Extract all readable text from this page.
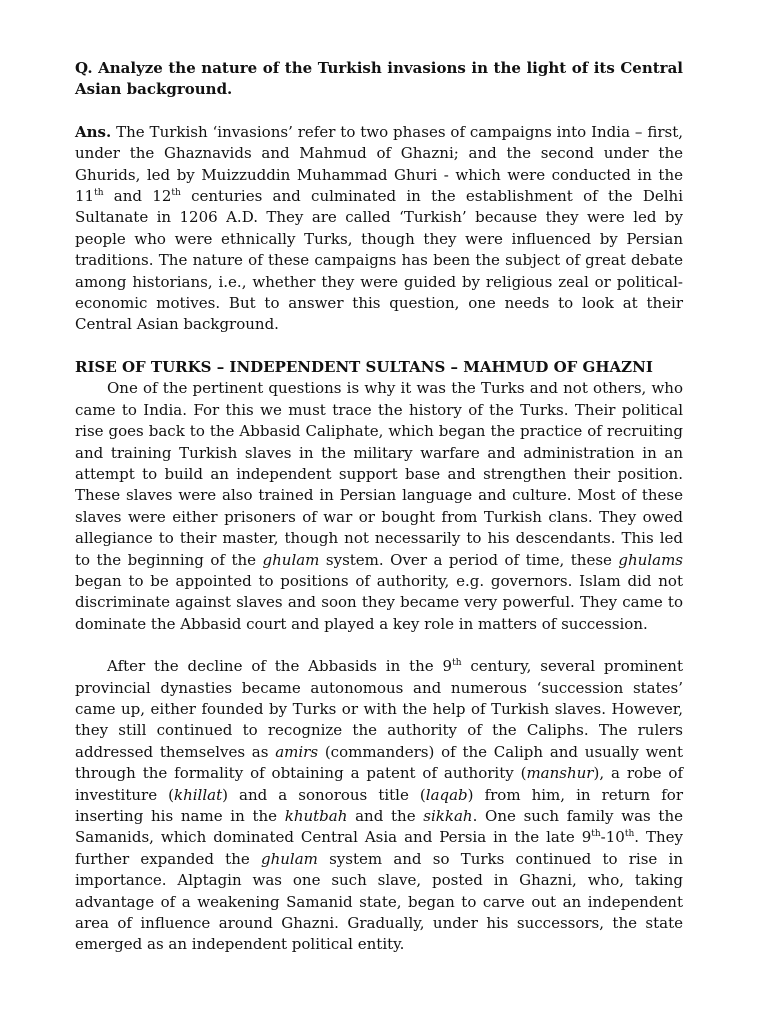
Q. Analyze the nature of the Turkish invasions in the light of its Central Asian background.

Ans. The Turkish ‘invasions’ refer to two phases of campaigns into India – first, under the Ghaznavids and Mahmud of Ghazni; and the second under the Ghurids, led by Muizzuddin Muhammad Ghuri - which were conducted in the 11th and 12th centuries and culminated in the establishment of the Delhi Sultanate in 1206 A.D. They are called ‘Turkish’ because they were led by people who were ethnically Turks, though they were influenced by Persian traditions. The nature of these campaigns has been the subject of great debate among historians, i.e., whether they were guided by religious zeal or political-economic motives. But to answer this question, one needs to look at their Central Asian background.

RISE OF TURKS – INDEPENDENT SULTANS – MAHMUD OF GHAZNI

One of the pertinent questions is why it was the Turks and not others, who came to India. For this we must trace the history of the Turks. Their political rise goes back to the Abbasid Caliphate, which began the practice of recruiting and training Turkish slaves in the military warfare and administration in an attempt to build an independent support base and strengthen their position. These slaves were also trained in Persian language and culture. Most of these slaves were either prisoners of war or bought from Turkish clans. They owed allegiance to their master, though not necessarily to his descendants. This led to the beginning of the ghulam system. Over a period of time, these ghulams began to be appointed to positions of authority, e.g. governors. Islam did not discriminate against slaves and soon they became very powerful. They came to dominate the Abbasid court and played a key role in matters of succession.

After the decline of the Abbasids in the 9th century, several prominent provincial dynasties became autonomous and numerous ‘succession states’ came up, either founded by Turks or with the help of Turkish slaves. However, they still continued to recognize the authority of the Caliphs. The rulers addressed themselves as amirs (commanders) of the Caliph and usually went through the formality of obtaining a patent of authority (manshur), a robe of investiture (khillat) and a sonorous title (laqab) from him, in return for inserting his name in the khutbah and the sikkah. One such family was the Samanids, which dominated Central Asia and Persia in the late 9th-10th. They further expanded the ghulam system and so Turks continued to rise in importance. Alptagin was one such slave, posted in Ghazni, who, taking advantage of a weakening Samanid state, began to carve out an independent area of influence around Ghazni. Gradually, under his successors, the state emerged as an independent political entity.
